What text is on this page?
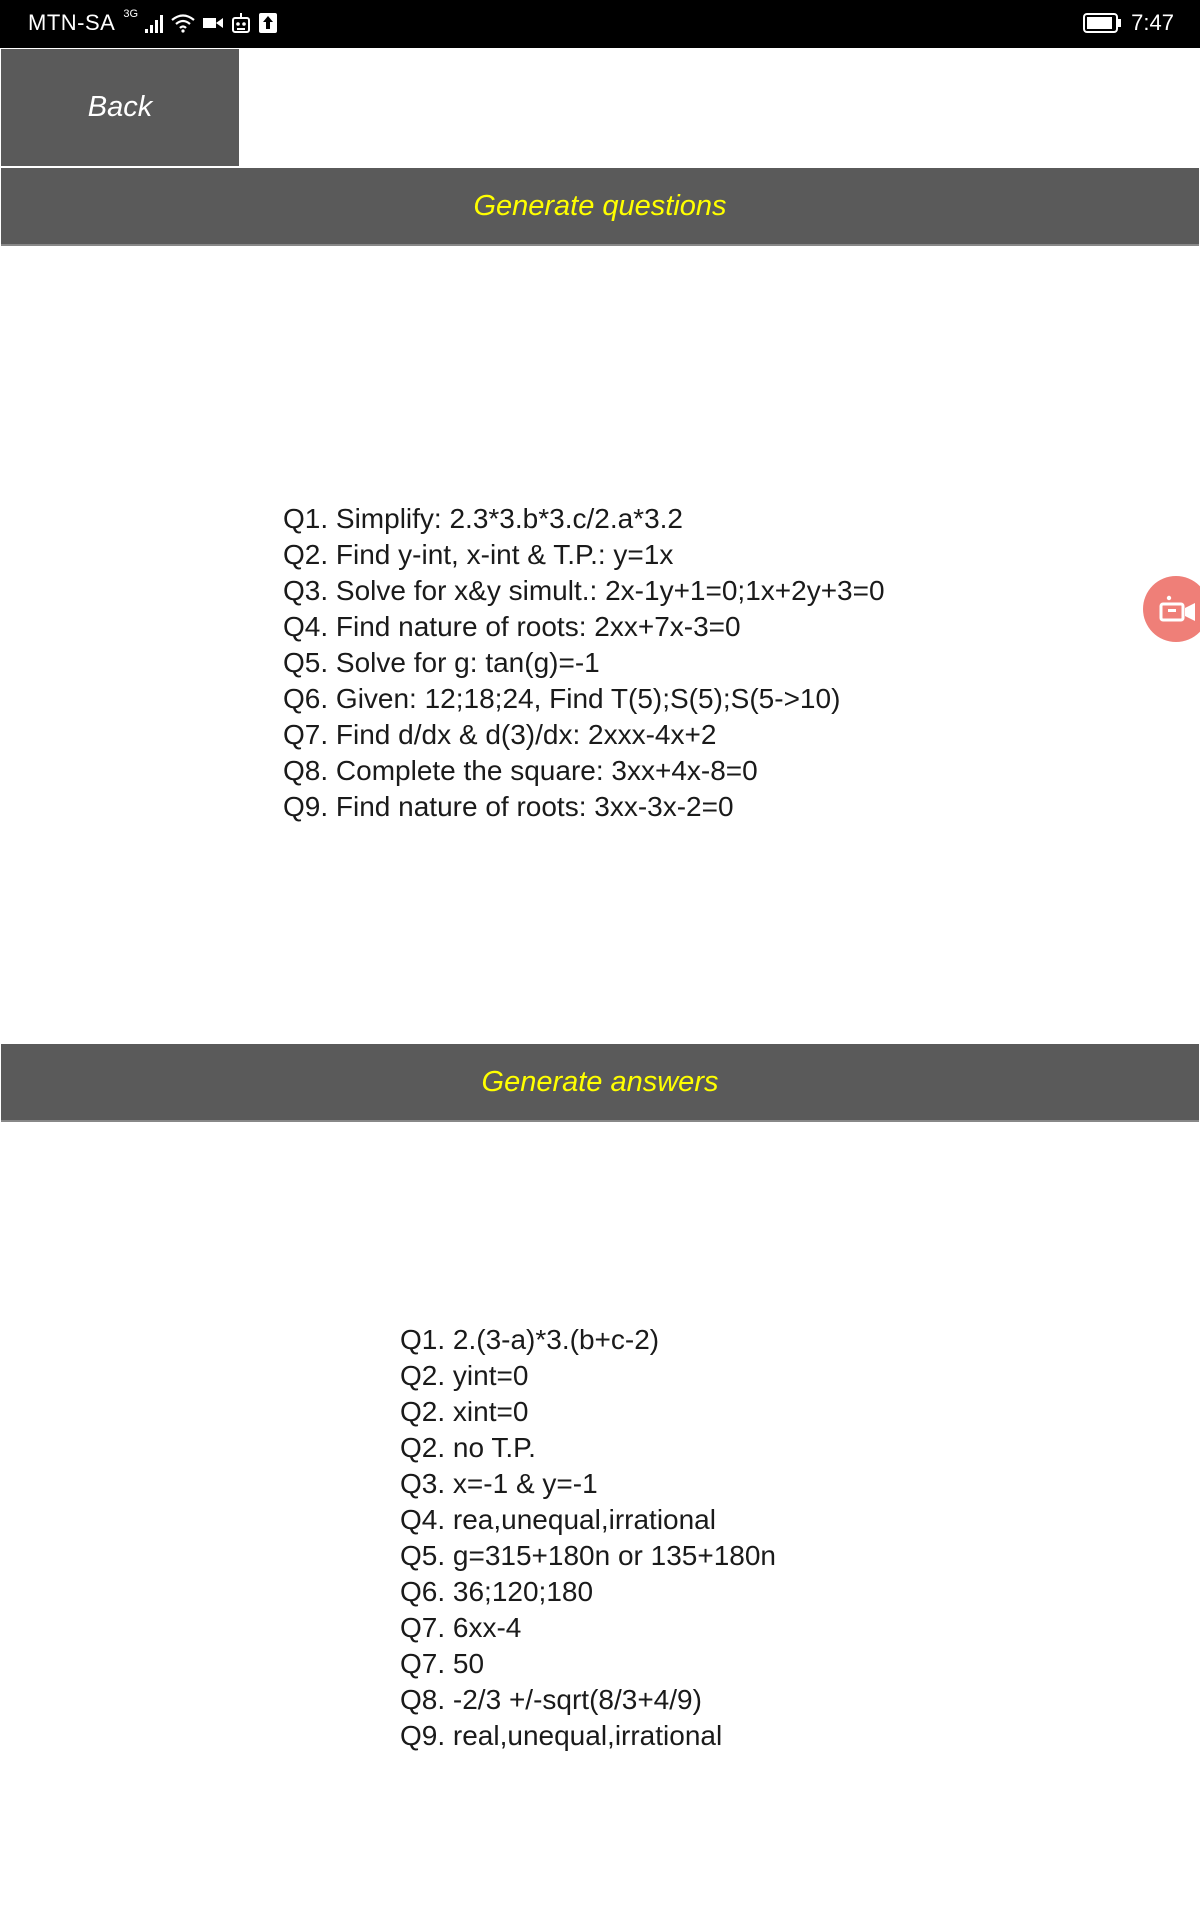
MTN-SA 3G	7:47
Back
Generate questions
Q1. Simplify: 2.3*3.b*3.c/2.a*3.2
Q2. Find y-int, x-int & T.P.: y=1x
Q3. Solve for x&y simult.: 2x-1y+1=0;1x+2y+3=0
Q4. Find nature of roots: 2xx+7x-3=0
Q5. Solve for g: tan(g)=-1
Q6. Given: 12;18;24, Find T(5);S(5);S(5->10)
Q7. Find d/dx & d(3)/dx: 2xxx-4x+2
Q8. Complete the square: 3xx+4x-8=0
Q9. Find nature of roots: 3xx-3x-2=0
Generate answers
Q1. 2.(3-a)*3.(b+c-2)
Q2. yint=0
Q2. xint=0
Q2. no T.P.
Q3. x=-1 & y=-1
Q4. rea,unequal,irrational
Q5. g=315+180n or 135+180n
Q6. 36;120;180
Q7. 6xx-4
Q7. 50
Q8. -2/3 +/-sqrt(8/3+4/9)
Q9. real,unequal,irrational
